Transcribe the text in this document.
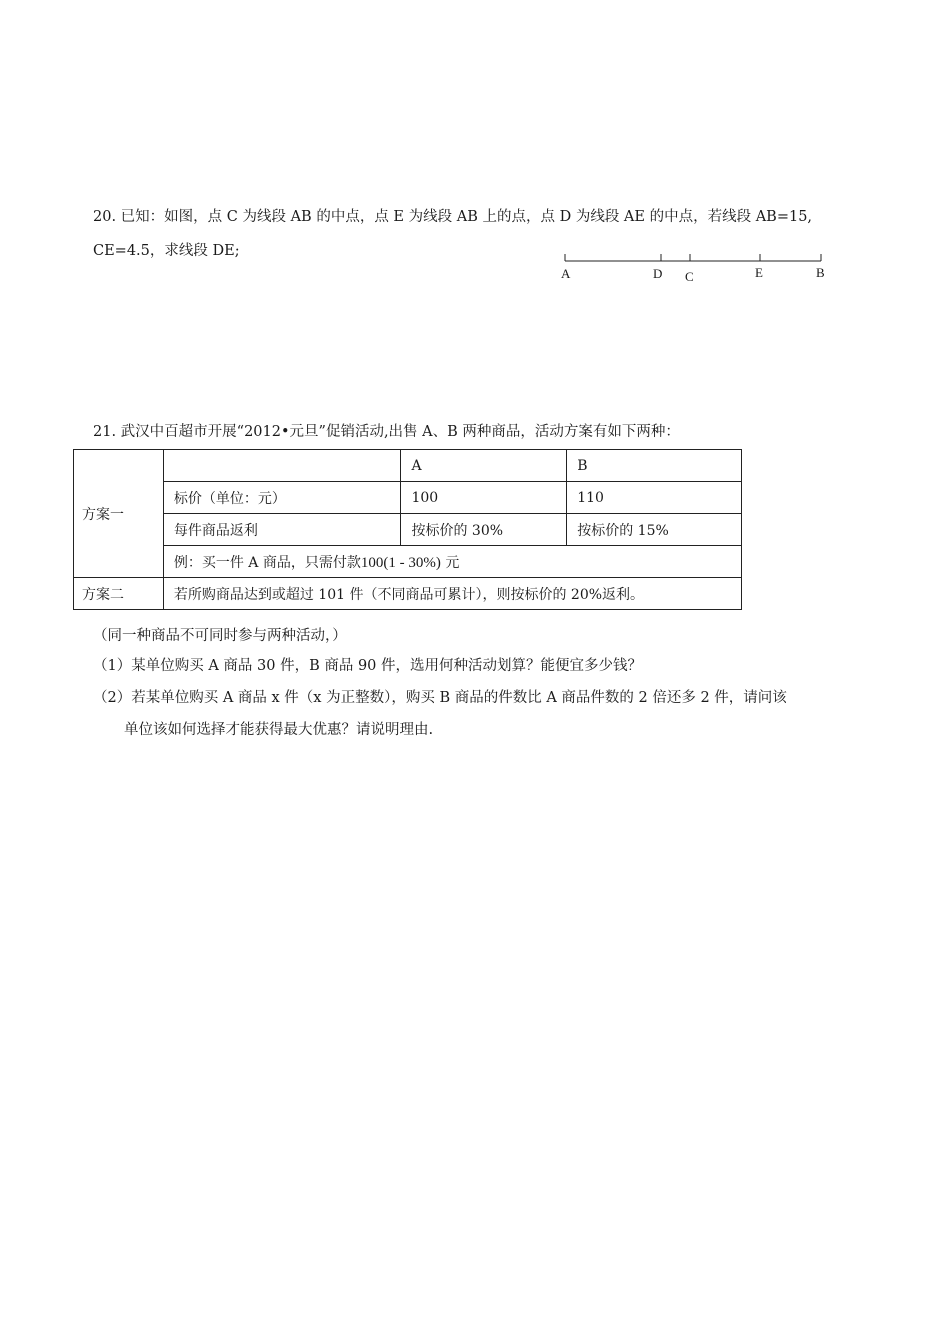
20. 已知：如图，点 C 为线段 AB 的中点，点 E 为线段 AB 上的点，点 D 为线段 AE 的中点，若线段 AB=15,
CE=4.5，求线段 DE;
A	D C	E	B
21. 武汉中百超市开展“2012•元旦”促销活动,出售 A、B 两种商品，活动方案有如下两种：
方案一		A	B
	标价（单位：元）	100	110
	每件商品返利	按标价的 30%	按标价的 15%
	例：买一件 A 商品，只需付款100(1 - 30%) 元		
方案二	若所购商品达到或超过 101 件（不同商品可累计），则按标价的 20%返利。		
（同一种商品不可同时参与两种活动，）
（1）某单位购买 A 商品 30 件，B 商品 90 件，选用何种活动划算？能便宜多少钱？
（2）若某单位购买 A 商品 x 件（x 为正整数），购买 B 商品的件数比 A 商品件数的 2 倍还多 2 件，请问该
单位该如何选择才能获得最大优惠？请说明理由.
